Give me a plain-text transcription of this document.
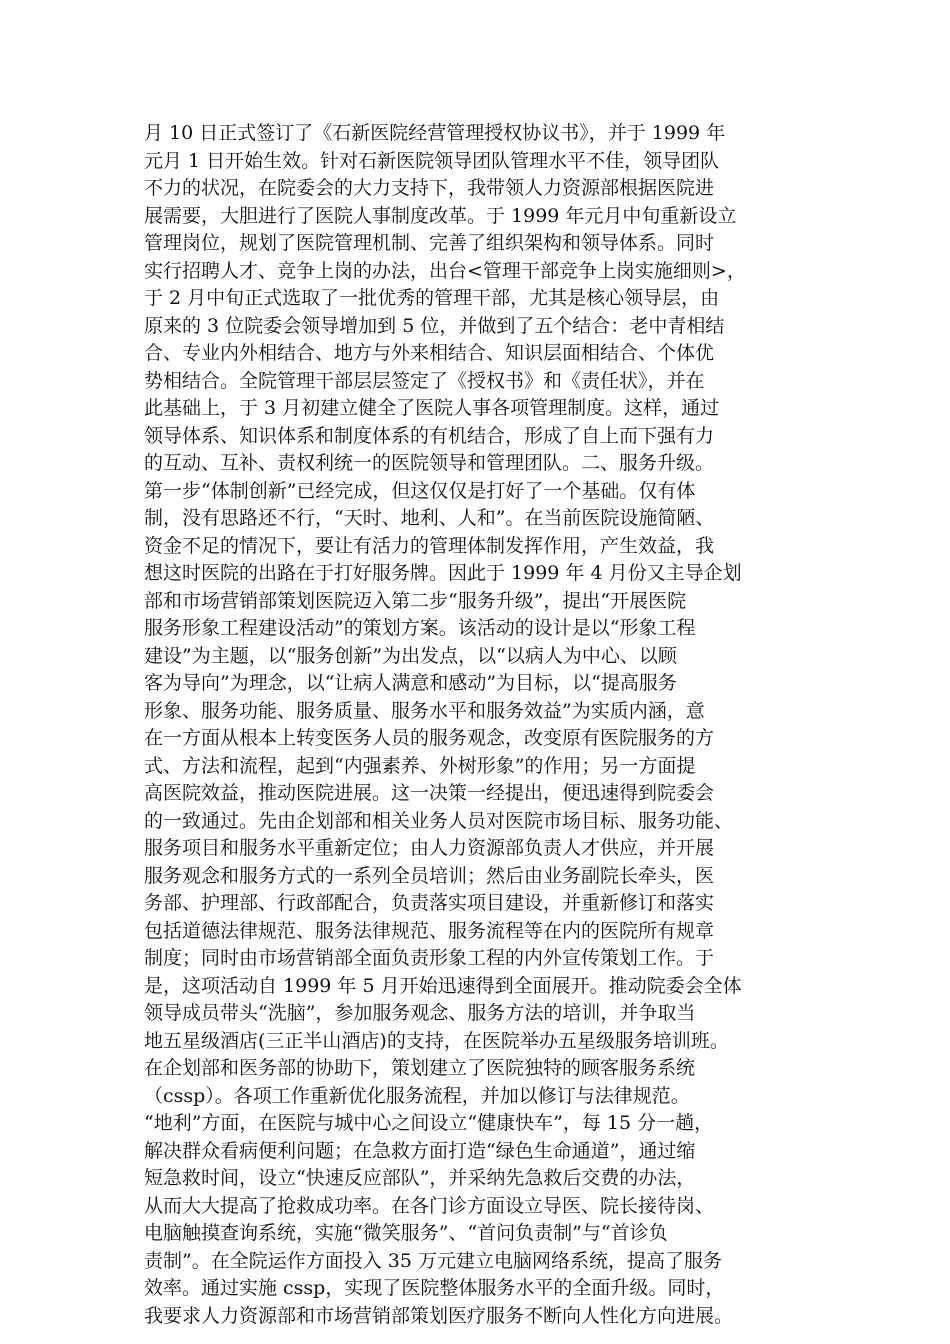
月 10 日正式签订了《石新医院经营管理授权协议书》，并于 1999 年
元月 1 日开始生效。针对石新医院领导团队管理水平不佳，领导团队
不力的状况，在院委会的大力支持下，我带领人力资源部根据医院进
展需要，大胆进行了医院人事制度改革。于 1999 年元月中旬重新设立
管理岗位，规划了医院管理机制、完善了组织架构和领导体系。同时
实行招聘人才、竞争上岗的办法，出台<管理干部竞争上岗实施细则>，
于 2 月中旬正式选取了一批优秀的管理干部，尤其是核心领导层，由
原来的 3 位院委会领导增加到 5 位，并做到了五个结合：老中青相结
合、专业内外相结合、地方与外来相结合、知识层面相结合、个体优
势相结合。全院管理干部层层签定了《授权书》和《责任状》，并在
此基础上，于 3 月初建立健全了医院人事各项管理制度。这样，通过
领导体系、知识体系和制度体系的有机结合，形成了自上而下强有力
的互动、互补、责权利统一的医院领导和管理团队。二、服务升级。
第一步“体制创新”已经完成，但这仅仅是打好了一个基础。仅有体
制，没有思路还不行，“天时、地利、人和”。在当前医院设施简陋、
资金不足的情况下，要让有活力的管理体制发挥作用，产生效益，我
想这时医院的出路在于打好服务牌。因此于 1999 年 4 月份又主导企划
部和市场营销部策划医院迈入第二步“服务升级”，提出“开展医院
服务形象工程建设活动”的策划方案。该活动的设计是以“形象工程
建设”为主题，以“服务创新”为出发点，以“以病人为中心、以顾
客为导向”为理念，以“让病人满意和感动”为目标，以“提高服务
形象、服务功能、服务质量、服务水平和服务效益”为实质内涵，意
在一方面从根本上转变医务人员的服务观念，改变原有医院服务的方
式、方法和流程，起到“内强素养、外树形象”的作用；另一方面提
高医院效益，推动医院进展。这一决策一经提出，便迅速得到院委会
的一致通过。先由企划部和相关业务人员对医院市场目标、服务功能、
服务项目和服务水平重新定位；由人力资源部负责人才供应，并开展
服务观念和服务方式的一系列全员培训；然后由业务副院长牵头，医
务部、护理部、行政部配合，负责落实项目建设，并重新修订和落实
包括道德法律规范、服务法律规范、服务流程等在内的医院所有规章
制度；同时由市场营销部全面负责形象工程的内外宣传策划工作。于
是，这项活动自 1999 年 5 月开始迅速得到全面展开。推动院委会全体
领导成员带头“洗脑”，参加服务观念、服务方法的培训，并争取当
地五星级酒店(三正半山酒店)的支持，在医院举办五星级服务培训班。
在企划部和医务部的协助下，策划建立了医院独特的顾客服务系统
（cssp）。各项工作重新优化服务流程，并加以修订与法律规范。
“地利”方面，在医院与城中心之间设立“健康快车”，每 15 分一趟，
解决群众看病便利问题；在急救方面打造“绿色生命通道”，通过缩
短急救时间，设立“快速反应部队”，并采纳先急救后交费的办法，
从而大大提高了抢救成功率。在各门诊方面设立导医、院长接待岗、
电脑触摸查询系统，实施“微笑服务”、“首问负责制”与“首诊负
责制”。在全院运作方面投入 35 万元建立电脑网络系统，提高了服务
效率。通过实施 cssp，实现了医院整体服务水平的全面升级。同时，
我要求人力资源部和市场营销部策划医疗服务不断向人性化方向进展。
